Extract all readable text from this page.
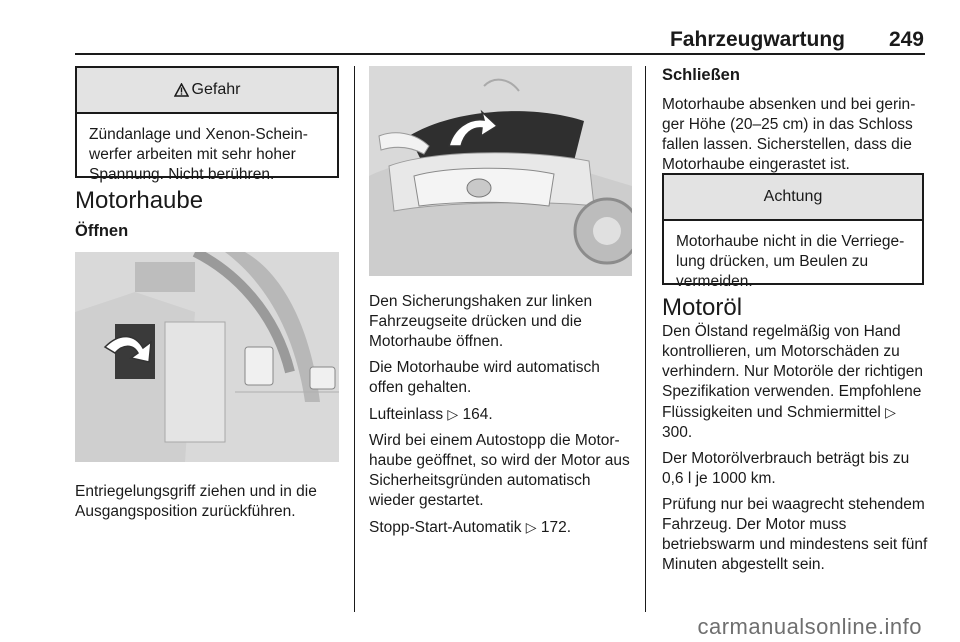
Fahrzeugwartung 249
Gefahr
Zündanlage und Xenon-Scheinwerfer arbeiten mit sehr hoher Spannung. Nicht berühren.
Motorhaube
Öffnen

Entriegelungsgriff ziehen und in die Ausgangsposition zurückführen.

Den Sicherungshaken zur linken Fahrzeugseite drücken und die Motorhaube öffnen.

Die Motorhaube wird automatisch offen gehalten.

Lufteinlass ▷ 164.

Wird bei einem Autostopp die Motorhaube geöffnet, so wird der Motor aus Sicherheitsgründen automatisch wieder gestartet.

Stopp-Start-Automatik ▷ 172.

Schließen

Motorhaube absenken und bei geringer Höhe (20–25 cm) in das Schloss fallen lassen. Sicherstellen, dass die Motorhaube eingerastet ist.

Achtung
Motorhaube nicht in die Verriegelung drücken, um Beulen zu vermeiden.
Motoröl

Den Ölstand regelmäßig von Hand kontrollieren, um Motorschäden zu verhindern. Nur Motoröle der richtigen Spezifikation verwenden. Empfohlene Flüssigkeiten und Schmiermittel ▷ 300.

Der Motorölverbrauch beträgt bis zu 0,6 l je 1000 km.

Prüfung nur bei waagrecht stehendem Fahrzeug. Der Motor muss betriebswarm und mindestens seit fünf Minuten abgestellt sein.

carmanualsonline.info
